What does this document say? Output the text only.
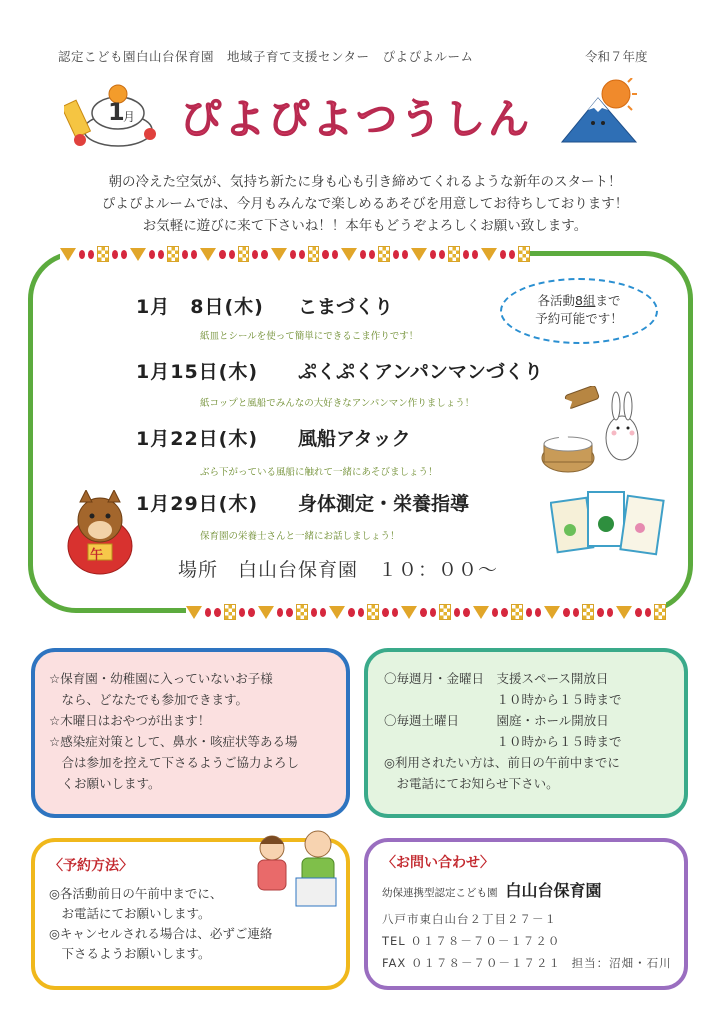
認定こども園白山台保育園　地域子育て支援センター　ぴよぴよルーム	令和７年度
1
月 ぴよぴよつうしん
朝の冷えた空気が、気持ち新たに身も心も引き締めてくれるような新年のスタート！
ぴよぴよルームでは、今月もみんなで楽しめるあそびを用意してお待ちしております！
お気軽に遊びに来て下さいね！！本年もどうぞよろしくお願い致します。
各活動8組まで
予約可能です！
1月　8日(木) こまづくり
紙皿とシールを使って簡単にできるこま作りです！
1月15日(木) ぷくぷくアンパンマンづくり
紙コップと風船でみんなの大好きなアンパンマン作りましょう！
1月22日(木) 風船アタック
ぶら下がっている風船に触れて一緒にあそびましょう！
1月29日(木) 身体測定・栄養指導
保育園の栄養士さんと一緒にお話しましょう！
午
場所　白山台保育園　１０：００～
☆保育園・幼稚園に入っていないお子様
　なら、どなたでも参加できます。
☆木曜日はおやつが出ます！
☆感染症対策として、鼻水・咳症状等ある場
　合は参加を控えて下さるようご協力よろし
　くお願いします。
〇毎週月・金曜日　支援スペース開放日
　　　　　　　　　１０時から１５時まで
〇毎週土曜日　　　園庭・ホール開放日
　　　　　　　　　１０時から１５時まで
◎利用されたい方は、前日の午前中までに
　お電話にてお知らせ下さい。
〈予約方法〉
◎各活動前日の午前中までに、
　お電話にてお願いします。
◎キャンセルされる場合は、必ずご連絡
　下さるようお願いします。
〈お問い合わせ〉
幼保連携型認定こども園 白山台保育園
八戸市東白山台２丁目２７－１
TEL ０１７８－７０－１７２０
FAX ０１７８－７０－１７２１ 担当：沼畑・石川
